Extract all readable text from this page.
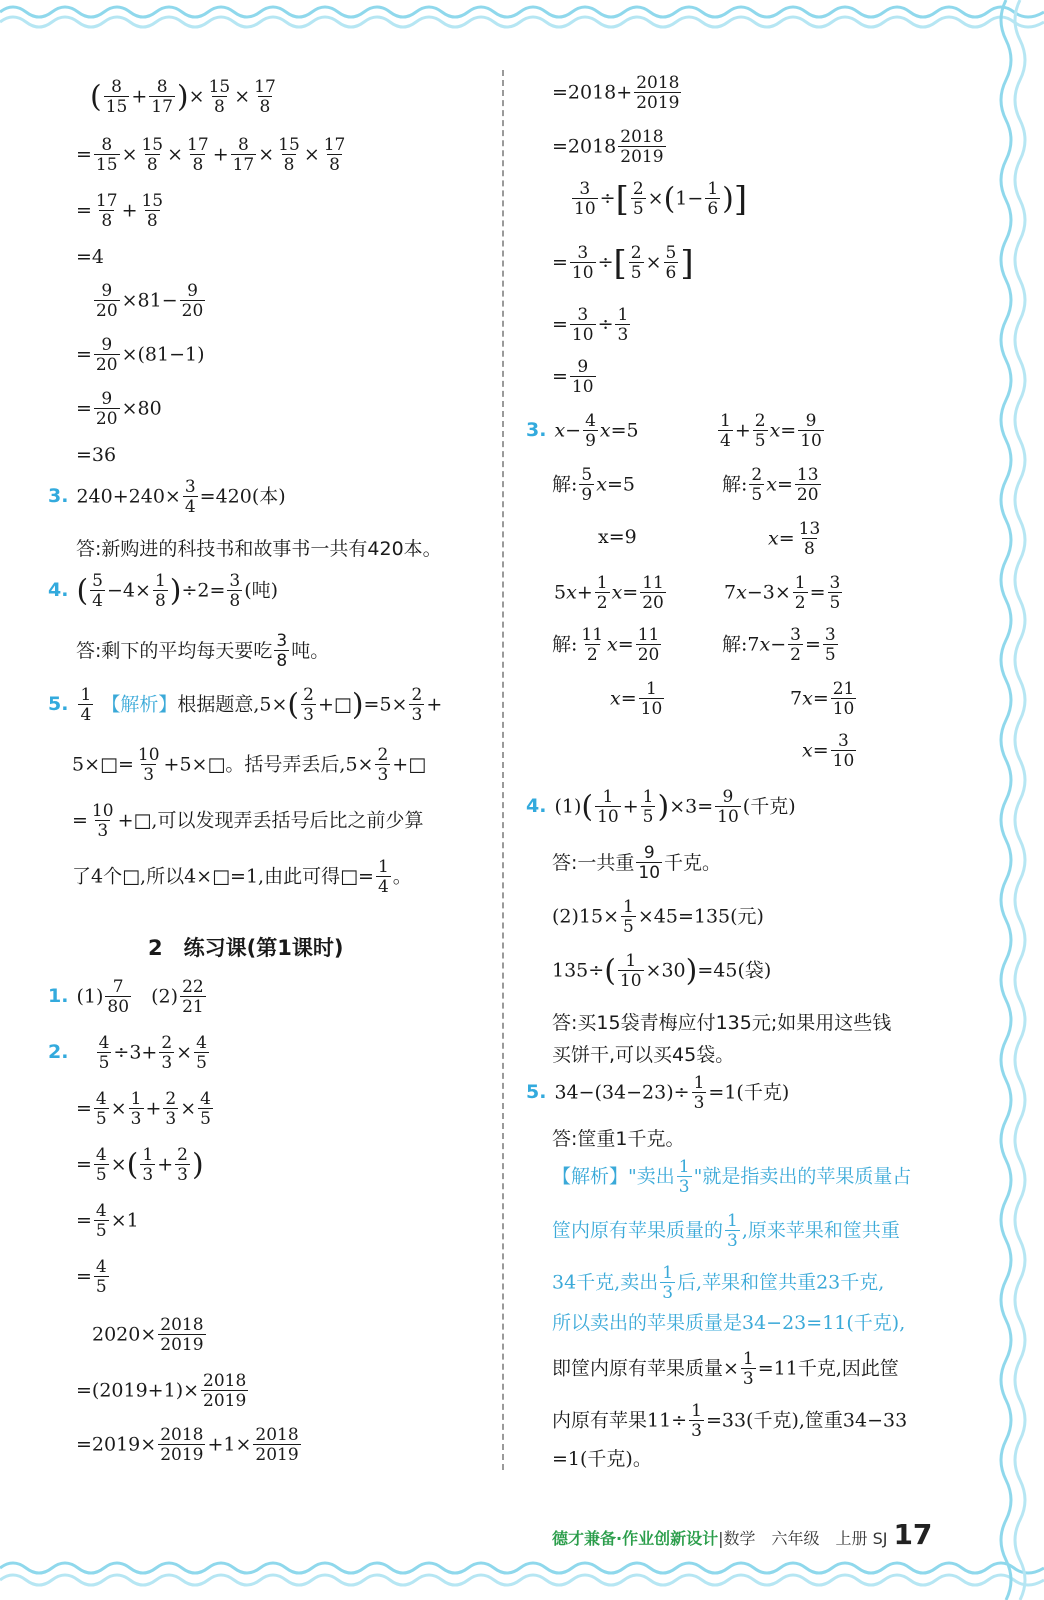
( $\frac{8}{15} + \frac{8}{17}$ )× $\frac{15}{8} \times \frac{17}{8}$
= $\frac{8}{15} \times \frac{15}{8} \times \frac{17}{8} + \frac{8}{17} \times \frac{15}{8} \times \frac{17}{8}$
= $\frac{17}{8} + \frac{15}{8}$
=4
$\frac{9}{20} \times 81- \frac{9}{20}$
= $\frac{9}{20} \times(81-1)$
= $\frac{9}{20} \times 80$
=36
3. $240+240\times \frac{3}{4} =420$(本)
答:新购进的科技书和故事书一共有420本。
4. ( $\frac{5}{4} -4\times \frac{1}{8} )\div 2= \frac{3}{8}$ (吨)
答:剩下的平均每天要吃 $\frac{3}{8}$ 吨。
5. $\frac{1}{4}$ 【解析】根据题意$,5\times( \frac{2}{3}$ +□)=5× $\frac{2}{3}$ +
5×□= $\frac{10}{3}$ +5×□。括号弄丢后$,5\times \frac{2}{3}$ +□
= $\frac{10}{3}$ +□,可以发现弄丢括号后比之前少算
了4个□,所以4×□=1,由此可得□= $\frac{1}{4}$ 。
2　练习课(第1课时)
1. $(1) \frac{7}{80} (2) \frac{22}{21}$
2. $\frac{4}{5} \div 3+ \frac{2}{3} \times \frac{4}{5}$
= $\frac{4}{5} \times \frac{1}{3} + \frac{2}{3} \times \frac{4}{5}$
= $\frac{4}{5}$ ×( $\frac{1}{3} + \frac{2}{3}$ )
= $\frac{4}{5} \times 1$
= $\frac{4}{5}$
$2020\times \frac{2018}{2019}$
$=(2019+1)\times \frac{2018}{2019}$
$=2019\times \frac{2018}{2019} +1\times \frac{2018}{2019}$
$=2018+ \frac{2018}{2019}$
$=2018 \frac{2018}{2019}$
$\frac{3}{10}$ ÷[ $\frac{2}{5} \times(1- \frac{1}{6}$ )]
= $\frac{3}{10}$ ÷[ $\frac{2}{5} \times \frac{5}{6}$ ]
= $\frac{3}{10} \div \frac{1}{3}$
= $\frac{9}{10}$
3. $x- \frac{4}{9} x=5$
解: $\frac{5}{9} x=5$
x=9
$\frac{1}{4} + \frac{2}{5} x= \frac{9}{10}$
解: $\frac{2}{5} x= \frac{13}{20}$
$x= \frac{13}{8}$
$5x+ \frac{1}{2} x= \frac{11}{20}$
解: $\frac{11}{2} x= \frac{11}{20}$
$x= \frac{1}{10}$
$7x-3\times \frac{1}{2} = \frac{3}{5}$
解:7x− $\frac{3}{2} = \frac{3}{5}$
$7x= \frac{21}{10}$
$x= \frac{3}{10}$
4. $(1)( \frac{1}{10} + \frac{1}{5} )\times 3= \frac{9}{10}$ (千克)
答:一共重 $\frac{9}{10}$ 千克。
$(2)15\times \frac{1}{5} \times 45=135$(元)
$135\div( \frac{1}{10} \times 30)=45$(袋)
答:买15袋青梅应付135元;如果用这些钱
买饼干,可以买45袋。
5. $34-(34-23)\div \frac{1}{3} =1$(千克)
答:筐重1千克。
【解析】"卖出 $\frac{1}{3}$ "就是指卖出的苹果质量占
筐内原有苹果质量的 $\frac{1}{3}$ ,原来苹果和筐共重
34千克,卖出 $\frac{1}{3}$ 后,苹果和筐共重23千克,
所以卖出的苹果质量是34−23=11(千克),
即筐内原有苹果质量× $\frac{1}{3} =11$千克,因此筐
内原有苹果$11\div \frac{1}{3} =33$(千克),筐重34−33
=1(千克)。
德才兼备·作业创新设计|数学　六年级　上册 SJ 17
